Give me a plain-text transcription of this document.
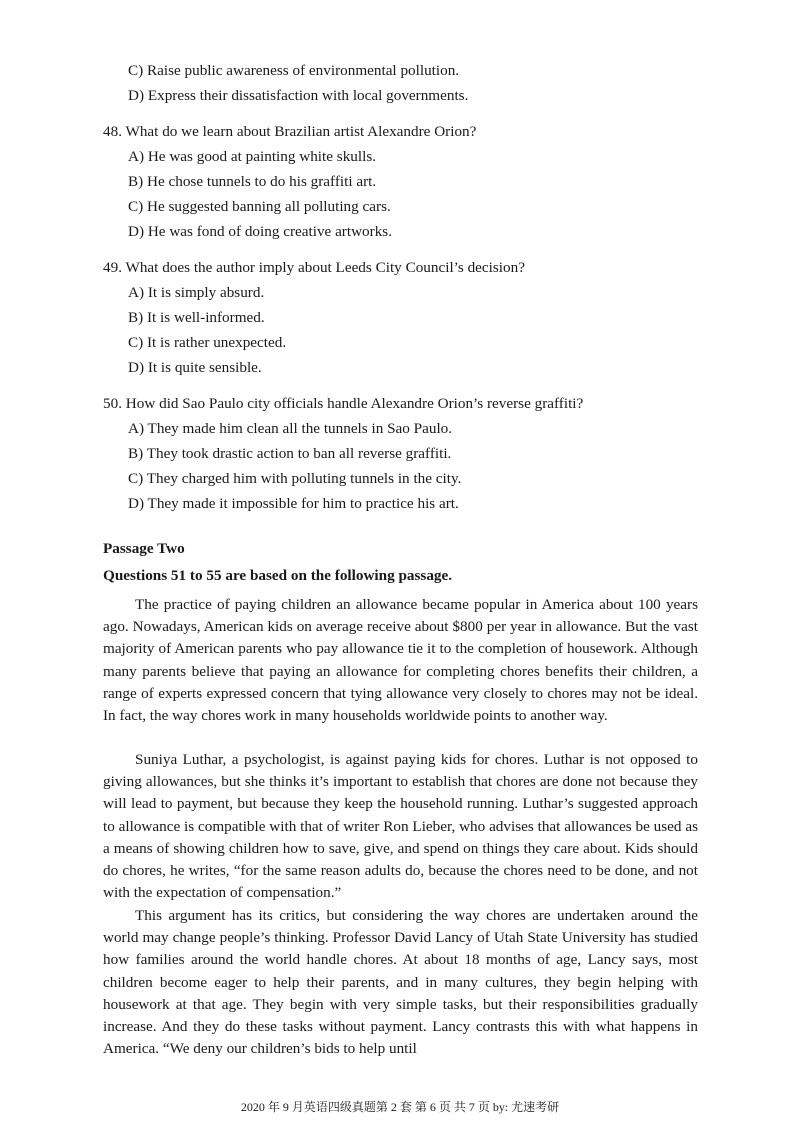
C) Raise public awareness of environmental pollution.
D) Express their dissatisfaction with local governments.
48. What do we learn about Brazilian artist Alexandre Orion?
A) He was good at painting white skulls.
B) He chose tunnels to do his graffiti art.
C) He suggested banning all polluting cars.
D) He was fond of doing creative artworks.
49. What does the author imply about Leeds City Council’s decision?
A) It is simply absurd.
B) It is well-informed.
C) It is rather unexpected.
D) It is quite sensible.
50. How did Sao Paulo city officials handle Alexandre Orion’s reverse graffiti?
A) They made him clean all the tunnels in Sao Paulo.
B) They took drastic action to ban all reverse graffiti.
C) They charged him with polluting tunnels in the city.
D) They made it impossible for him to practice his art.
Passage Two
Questions 51 to 55 are based on the following passage.
The practice of paying children an allowance became popular in America about 100 years ago. Nowadays, American kids on average receive about $800 per year in allowance. But the vast majority of American parents who pay allowance tie it to the completion of housework. Although many parents believe that paying an allowance for completing chores benefits their children, a range of experts expressed concern that tying allowance very closely to chores may not be ideal. In fact, the way chores work in many households worldwide points to another way.
Suniya Luthar, a psychologist, is against paying kids for chores. Luthar is not opposed to giving allowances, but she thinks it’s important to establish that chores are done not because they will lead to payment, but because they keep the household running. Luthar’s suggested approach to allowance is compatible with that of writer Ron Lieber, who advises that allowances be used as a means of showing children how to save, give, and spend on things they care about. Kids should do chores, he writes, “for the same reason adults do, because the chores need to be done, and not with the expectation of compensation.”
This argument has its critics, but considering the way chores are undertaken around the world may change people’s thinking. Professor David Lancy of Utah State University has studied how families around the world handle chores. At about 18 months of age, Lancy says, most children become eager to help their parents, and in many cultures, they begin helping with housework at that age. They begin with very simple tasks, but their responsibilities gradually increase. And they do these tasks without payment. Lancy contrasts this with what happens in America. “We deny our children’s bids to help until
2020 年 9 月英语四级真题第 2 套 第 6 页 共 7 页 by: 尤速考研
